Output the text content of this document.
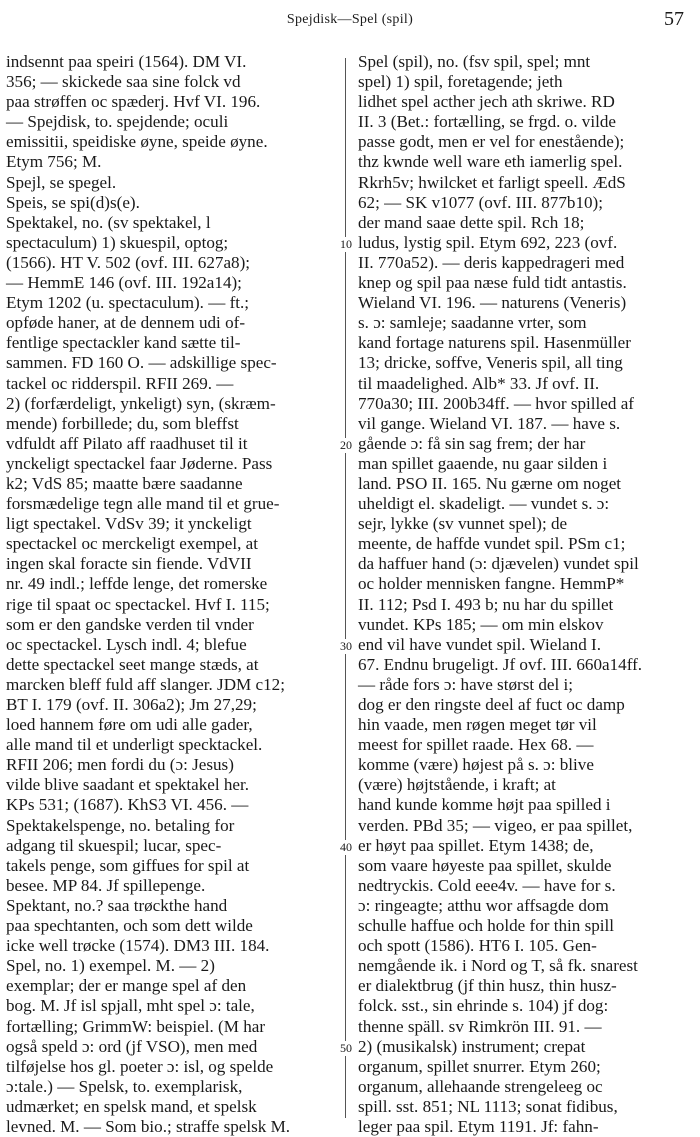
Spejdisk—Spel (spil)	57
10
20
30
40
50
indsennt paa speiri (1564). DM VI.
356; — skickede saa sine folck vd
paa strøffen oc spæderj. Hvf VI. 196.
— Spejdisk, to. spejdende; oculi
emissitii, speidiske øyne, speide øyne.
Etym 756; M.
Spejl, se spegel.
Speis, se spi(d)s(e).
Spektakel, no. (sv spektakel, l
spectaculum) 1) skuespil, optog;
(1566). HT V. 502 (ovf. III. 627a8);
— HemmE 146 (ovf. III. 192a14);
Etym 1202 (u. spectaculum). — ft.;
opføde haner, at de dennem udi of-
fentlige spectackler kand sætte til-
sammen. FD 160 O. — adskillige spec-
tackel oc ridderspil. RFII 269. —
2) (forfærdeligt, ynkeligt) syn, (skræm-
mende) forbillede; du, som bleffst
vdfuldt aff Pilato aff raadhuset til it
ynckeligt spectackel faar Jøderne. Pass
k2; VdS 85; maatte bære saadanne
forsmædelige tegn alle mand til et grue-
ligt spectakel. VdSv 39; it ynckeligt
spectackel oc merckeligt exempel, at
ingen skal foracte sin fiende. VdVII
nr. 49 indl.; leffde lenge, det romerske
rige til spaat oc spectackel. Hvf I. 115;
som er den gandske verden til vnder
oc spectackel. Lysch indl. 4; blefue
dette spectackel seet mange stæds, at
marcken bleff fuld aff slanger. JDM c12;
BT I. 179 (ovf. II. 306a2); Jm 27,29;
loed hannem føre om udi alle gader,
alle mand til et underligt specktackel.
RFII 206; men fordi du (ɔ: Jesus)
vilde blive saadant et spektakel her.
KPs 531; (1687). KhS3 VI. 456. —
Spektakelspenge, no. betaling for
adgang til skuespil; lucar, spec-
takels penge, som giffues for spil at
besee. MP 84. Jf spillepenge.
Spektant, no.? saa trøckthe hand
paa spechtanten, och som dett wilde
icke well trøcke (1574). DM3 III. 184.
Spel, no. 1) exempel. M. — 2)
exemplar; der er mange spel af den
bog. M. Jf isl spjall, mht spel ɔ: tale,
fortælling; GrimmW: beispiel. (M har
også speld ɔ: ord (jf VSO), men med
tilføjelse hos gl. poeter ɔ: isl, og spelde
ɔ:tale.) — Spelsk, to. exemplarisk,
udmærket; en spelsk mand, et spelsk
levned. M. — Som bio.; straffe spelsk M.
Spel (spil), no. (fsv spil, spel; mnt
spel) 1) spil, foretagende; jeth
lidhet spel acther jech ath skriwe. RD
II. 3 (Bet.: fortælling, se frgd. o. vilde
passe godt, men er vel for enestående);
thz kwnde well ware eth iamerlig spel.
Rkrh5v; hwilcket et farligt speell. ÆdS
62; — SK v1077 (ovf. III. 877b10);
der mand saae dette spil. Rch 18;
ludus, lystig spil. Etym 692, 223 (ovf.
II. 770a52). — deris kappedrageri med
knep og spil paa næse fuld tidt antastis.
Wieland VI. 196. — naturens (Veneris)
s. ɔ: samleje; saadanne vrter, som
kand fortage naturens spil. Hasenmüller
13; dricke, soffve, Veneris spil, all ting
til maadelighed. Alb* 33. Jf ovf. II.
770a30; III. 200b34ff. — hvor spilled af
vil gange. Wieland VI. 187. — have s.
gående ɔ: få sin sag frem; der har
man spillet gaaende, nu gaar silden i
land. PSO II. 165. Nu gærne om noget
uheldigt el. skadeligt. — vundet s. ɔ:
sejr, lykke (sv vunnet spel); de
meente, de haffde vundet spil. PSm c1;
da haffuer hand (ɔ: djævelen) vundet spil
oc holder mennisken fangne. HemmP*
II. 112; Psd I. 493 b; nu har du spillet
vundet. KPs 185; — om min elskov
end vil have vundet spil. Wieland I.
67. Endnu brugeligt. Jf ovf. III. 660a14ff.
— råde fors ɔ: have størst del i;
dog er den ringste deel af fuct oc damp
hin vaade, men røgen meget tør vil
meest for spillet raade. Hex 68. —
komme (være) højest på s. ɔ: blive
(være) højtstående, i kraft; at
hand kunde komme højt paa spilled i
verden. PBd 35; — vigeo, er paa spillet,
er høyt paa spillet. Etym 1438; de,
som vaare høyeste paa spillet, skulde
nedtryckis. Cold eee4v. — have for s.
ɔ: ringeagte; atthu wor affsagde dom
schulle haffue och holde for thin spill
och spott (1586). HT6 I. 105. Gen-
nemgående ik. i Nord og T, så fk. snarest
er dialektbrug (jf thin husz, thin husz-
folck. sst., sin ehrinde s. 104) jf dog:
thenne späll. sv Rimkrön III. 91. —
2) (musikalsk) instrument; crepat
organum, spillet snurrer. Etym 260;
organum, allehaande strengeleeg oc
spill. sst. 851; NL 1113; sonat fidibus,
leger paa spil. Etym 1191. Jf: fahn-
